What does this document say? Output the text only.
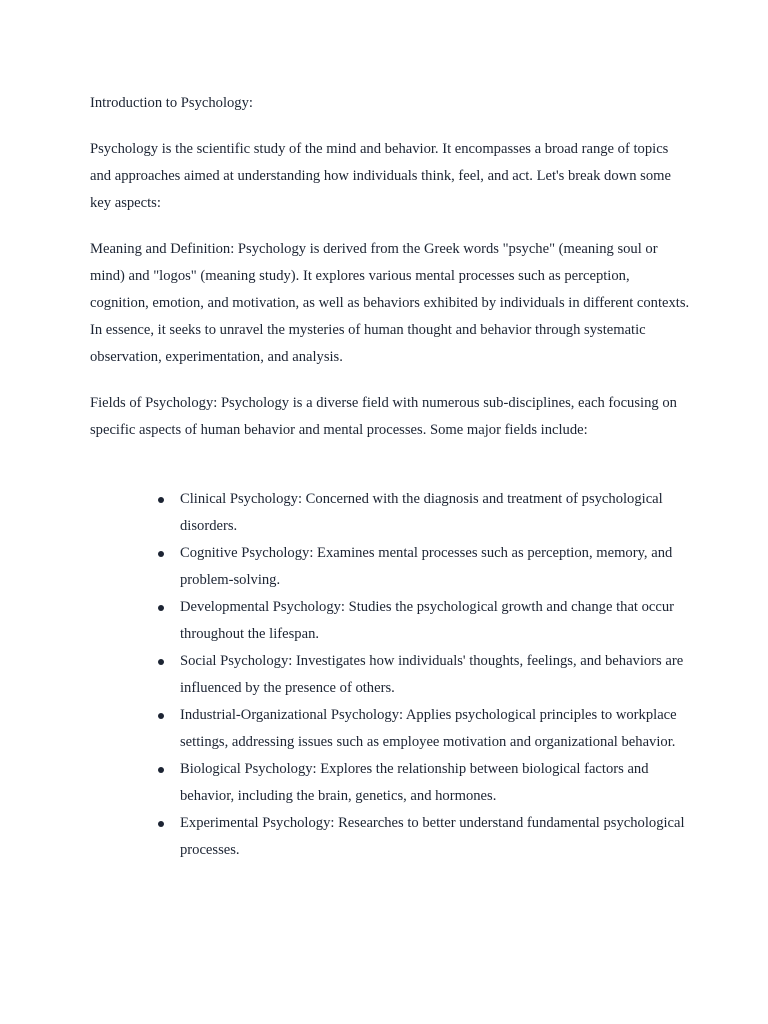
Introduction to Psychology:

Psychology is the scientific study of the mind and behavior. It encompasses a broad range of topics and approaches aimed at understanding how individuals think, feel, and act. Let's break down some key aspects:

Meaning and Definition: Psychology is derived from the Greek words "psyche" (meaning soul or mind) and "logos" (meaning study). It explores various mental processes such as perception, cognition, emotion, and motivation, as well as behaviors exhibited by individuals in different contexts. In essence, it seeks to unravel the mysteries of human thought and behavior through systematic observation, experimentation, and analysis.

Fields of Psychology: Psychology is a diverse field with numerous sub-disciplines, each focusing on specific aspects of human behavior and mental processes. Some major fields include:

Clinical Psychology: Concerned with the diagnosis and treatment of psychological disorders.
Cognitive Psychology: Examines mental processes such as perception, memory, and problem-solving.
Developmental Psychology: Studies the psychological growth and change that occur throughout the lifespan.
Social Psychology: Investigates how individuals' thoughts, feelings, and behaviors are influenced by the presence of others.
Industrial-Organizational Psychology: Applies psychological principles to workplace settings, addressing issues such as employee motivation and organizational behavior.
Biological Psychology: Explores the relationship between biological factors and behavior, including the brain, genetics, and hormones.
Experimental Psychology: Researches to better understand fundamental psychological processes.
